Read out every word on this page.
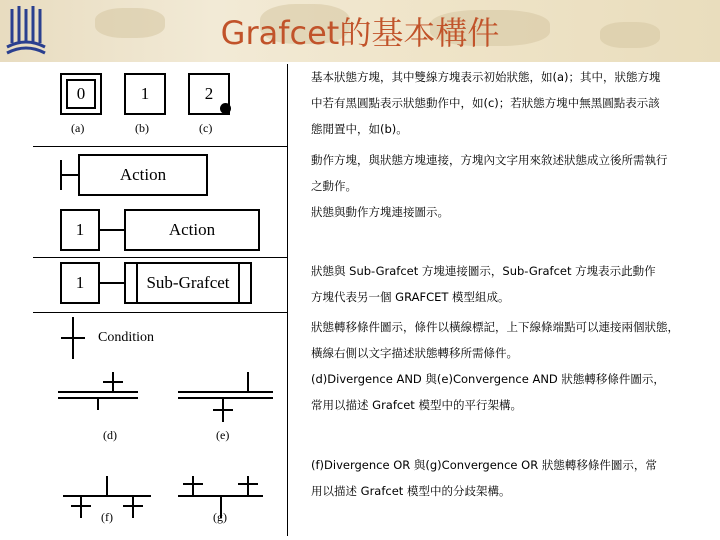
Grafcet的基本構件
0	1	2
(a)	(b)	(c)
Action
1	Action
1	Sub-Grafcet
Condition
(d)	(e)
(f)	(g)
基本狀態方塊，其中雙線方塊表示初始狀態，如(a)；其中，狀態方塊
中若有黑圓點表示狀態動作中，如(c)；若狀態方塊中無黑圓點表示該
態閒置中，如(b)。
動作方塊，與狀態方塊連接，方塊內文字用來敘述狀態成立後所需執行
之動作。
狀態與動作方塊連接圖示。
狀態與 Sub-Grafcet 方塊連接圖示，Sub-Grafcet 方塊表示此動作
方塊代表另一個 GRAFCET 模型組成。
狀態轉移條件圖示，條件以橫線標記，上下線條端點可以連接兩個狀態，
橫線右側以文字描述狀態轉移所需條件。
(d)Divergence AND 與(e)Convergence AND 狀態轉移條件圖示，
常用以描述 Grafcet 模型中的平行架構。
(f)Divergence OR 與(g)Convergence OR 狀態轉移條件圖示，常
用以描述 Grafcet 模型中的分歧架構。
